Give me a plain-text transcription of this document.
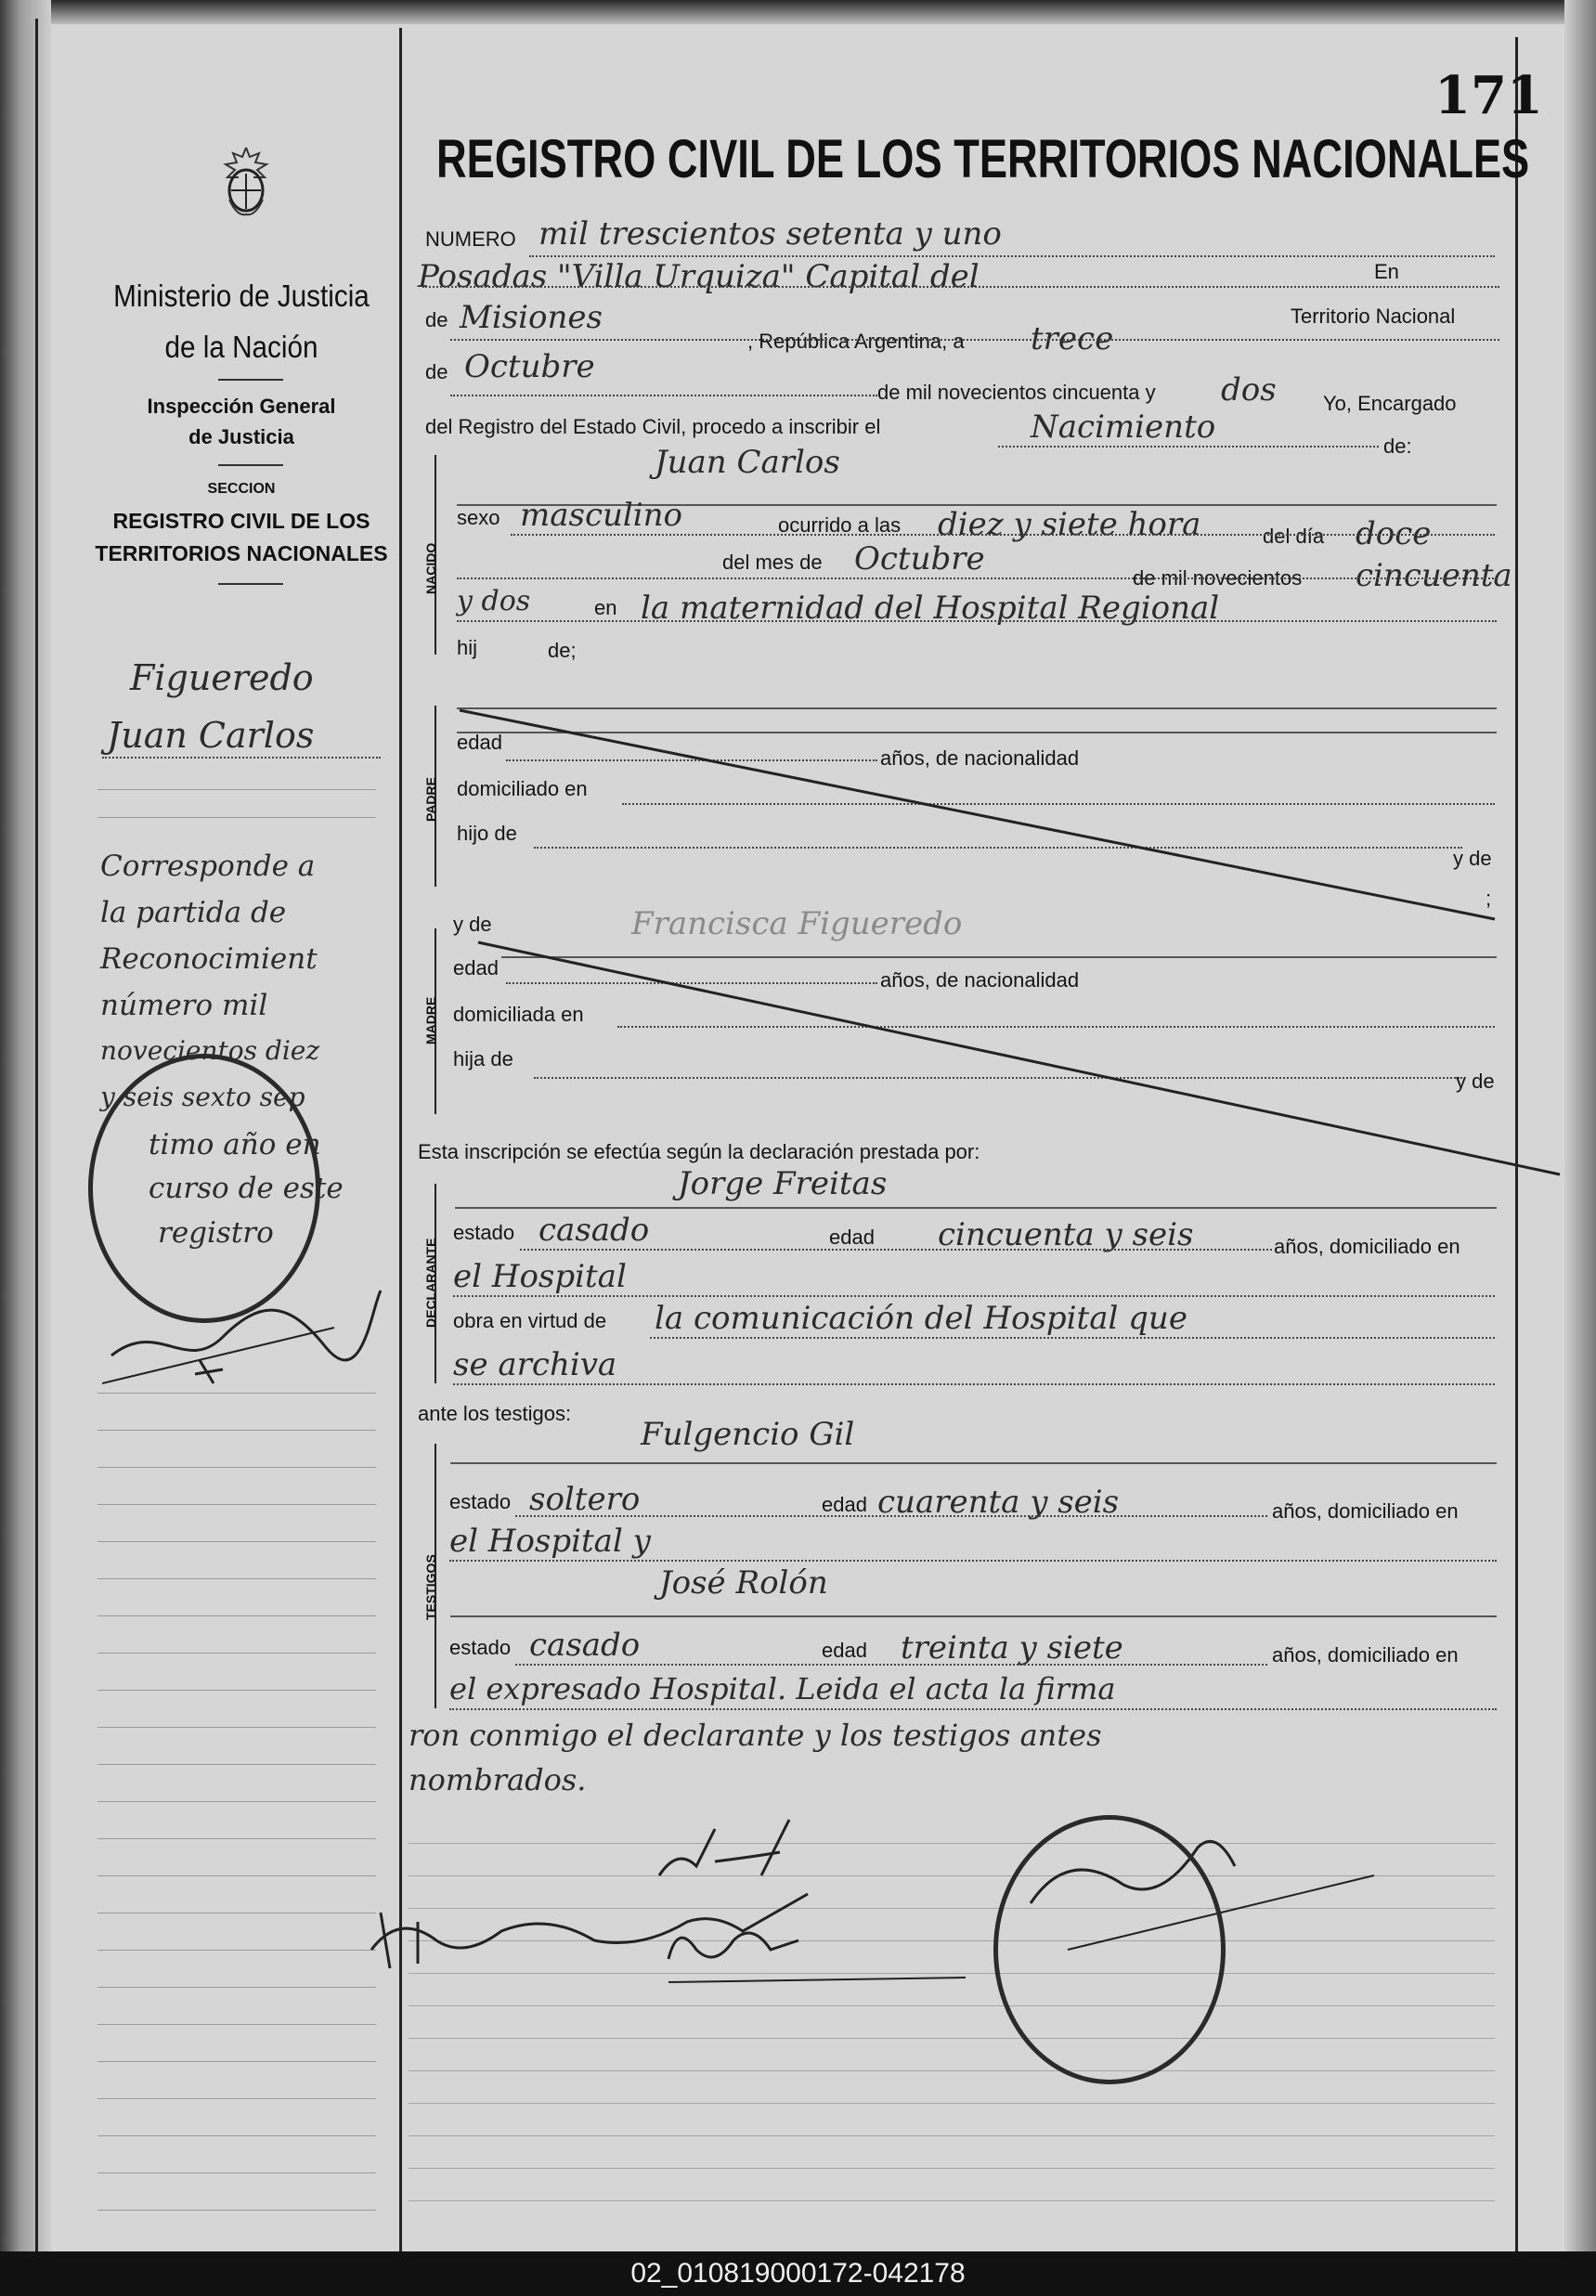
171
REGISTRO CIVIL DE LOS TERRITORIOS NACIONALES
Ministerio de Justicia
de la Nación
Inspección General
de Justicia
SECCION
REGISTRO CIVIL DE LOS
TERRITORIOS NACIONALES
Figueredo
Juan Carlos
Corresponde a
la partida de
Reconocimient
número mil
novecientos diez
y seis sexto sep
timo año en
curso de este
registro
NUMERO mil trescientos setenta y uno
Posadas "Villa Urquiza" Capital del	En
de Misiones	Territorio Nacional
, República Argentina, a trece
de Octubre
de mil novecientos cincuenta y dos Yo, Encargado
del Registro del Estado Civil, procedo a inscribir el	Nacimiento
de:
NACIDO
Juan Carlos
sexo masculino	ocurrido a las diez y siete hora	del día doce
del mes de Octubre
de mil novecientos cincuenta
y dos	en la maternidad del Hospital Regional
hij	de;
PADRE
edad
años, de nacionalidad
domiciliado en
hijo de
y de
;
MADRE
y de	Francisca Figueredo
edad
años, de nacionalidad
domiciliada en
hija de
y de
Esta inscripción se efectúa según la declaración prestada por:
DECLARANTE
Jorge Freitas
estado casado	edad cincuenta y seis	años, domiciliado en
el Hospital
obra en virtud de la comunicación del Hospital que
se archiva
ante los testigos:
TESTIGOS
Fulgencio Gil
estado soltero	edad cuarenta y seis	años, domiciliado en
el Hospital y
José Rolón
estado casado	edad treinta y siete	años, domiciliado en
el expresado Hospital. Leida el acta la firma
ron conmigo el declarante y los testigos antes
nombrados.
02_010819000172-042178
